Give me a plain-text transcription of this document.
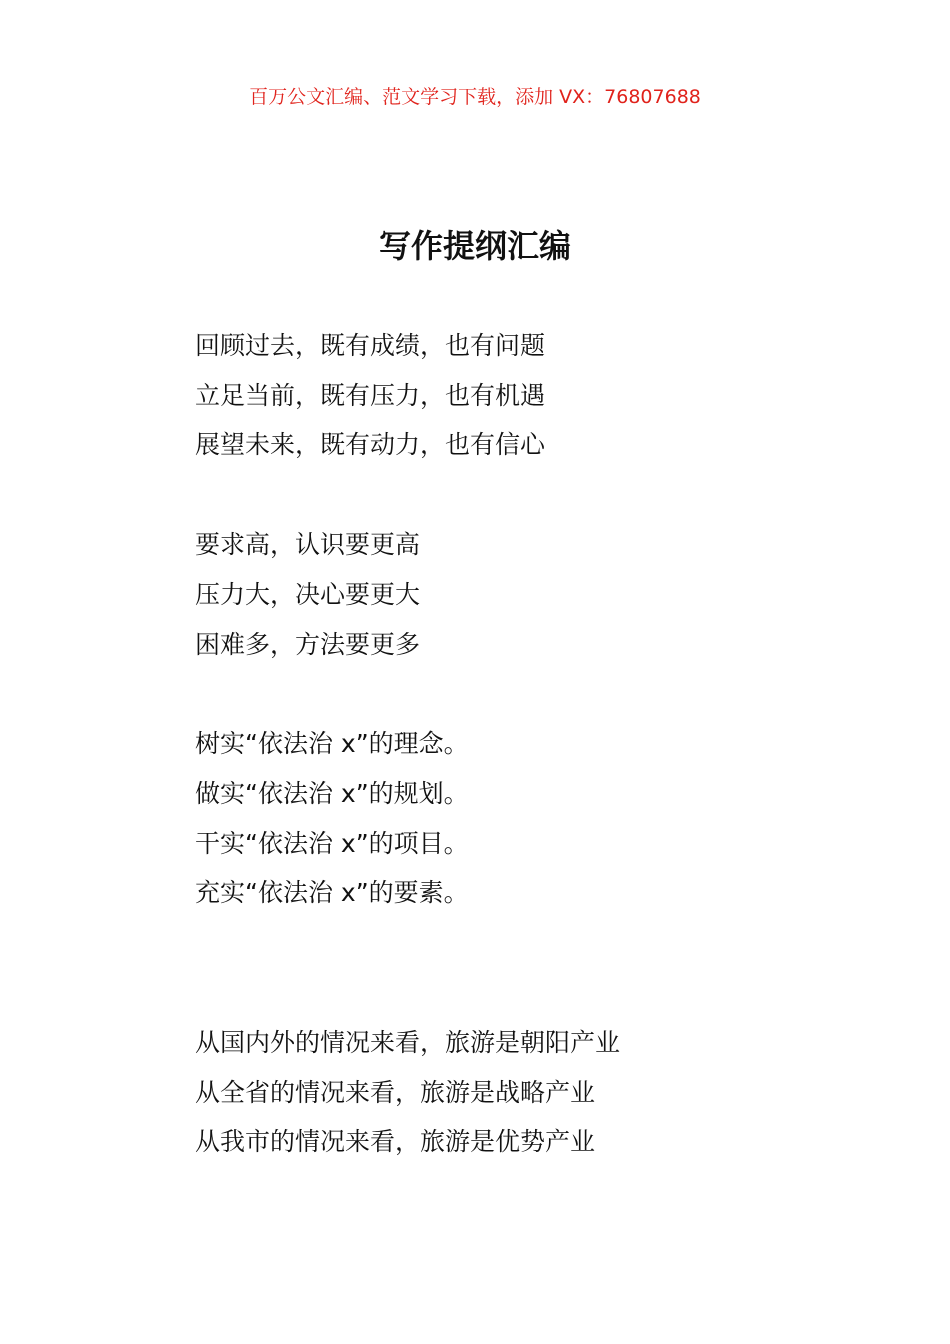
百万公文汇编、范文学习下载，添加 VX：76807688
写作提纲汇编
回顾过去，既有成绩，也有问题
立足当前，既有压力，也有机遇
展望未来，既有动力，也有信心
要求高，认识要更高
压力大，决心要更大
困难多，方法要更多
树实“依法治 x”的理念。
做实“依法治 x”的规划。
干实“依法治 x”的项目。
充实“依法治 x”的要素。
从国内外的情况来看，旅游是朝阳产业
从全省的情况来看，旅游是战略产业
从我市的情况来看，旅游是优势产业
